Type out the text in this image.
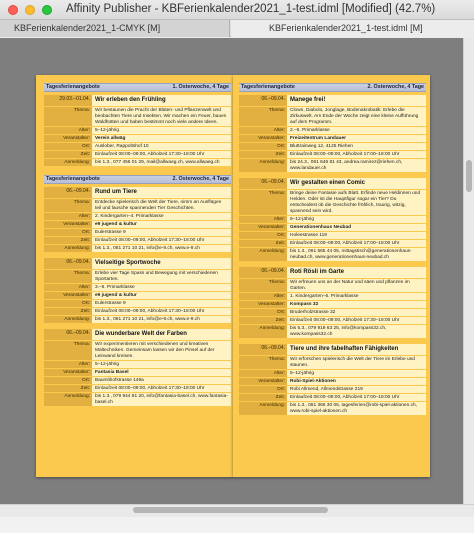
Affinity Publisher - KBFerienkalender2021_1-test.idml [Modified] (42.7%)
KBFerienkalender2021_1-CMYK [M]	KBFerienkalender2021_1-test.idml [M]
Tagesferienangebote	1. Osterwoche, 4 Tage
29.03.–01.04. Wir erleben den Frühling
Thema:	Wir bestaunen die Pracht der Blüten- und Pflanzenwelt und beobachten Tiere und Insekten. Wir machen ein Feuer, bauen Waldhütten und haben bestimmt noch viele andere Ideen.
Alter:	5–12-jährig
Veranstalter:	Verein allwäg
Ort:	Auslober, Rappoltshof 10
Zeit:	Einlaufzeit 08:00–09:00, Abholzeit 17:30–18:00 Uhr
Anmeldung:	bis 1.3., 077 455 01 29, mail@allwaeg.ch, www.allwaeg.ch
Tagesferienangebote	2. Osterwoche, 4 Tage
06.–09.04. Rund um Tiere
Thema:	Entdecke spielerisch die Welt der Tiere, nimm an Ausflügen teil und lausche spannenden Tier Geschichten.
Alter:	2. Kindergarten–4. Primarklasse
Veranstalter:	e9 jugend & kultur
Ort:	Eulerstrasse 9
Zeit:	Einlaufzeit 08:00–09:00, Abholzeit 17:30–18:00 Uhr
Anmeldung:	bis 1.3., 061 271 10 21, info@e-9.ch, www.e-9.ch
06.–09.04. Vielseitige Sportwoche
Thema:	Erlebe vier Tage Spass und Bewegung mit verschiedenen Sportarten.
Alter:	3.–6. Primarklasse
Veranstalter:	e9 jugend & kultur
Ort:	Eulerstrasse 9
Zeit:	Einlaufzeit 08:00–09:00, Abholzeit 17:30–18:00 Uhr
Anmeldung:	bis 1.3., 061 271 10 21, info@e-9.ch, www.e-9.ch
06.–09.04. Die wunderbare Welt der Farben
Thema:	Wir experimentieren mit verschiedenen und kreativen Maltechniken. Gemeinsam lassen wir den Pinsel auf der Leinwand kreisen.
Alter:	5–12-jährig
Veranstalter:	Fantasia Basel
Ort:	Baumlihofstrasse 149a
Zeit:	Einlaufzeit 08:00–09:00, Abholzeit 17:30–18:00 Uhr
Anmeldung:	bis 1.3., 079 944 81 20, info@fantasia-basel.ch, www.fantasia-basel.ch
Tagesferienangebote	2. Osterwoche, 4 Tage
06.–09.04. Manege frei!
Thema:	Clown, Diabolo, Jonglage, Bodenakrobatik: Erlebe die Zirkuswelt. Am Ende der Woche zeigt eine kleine Aufführung auf dem Programm.
Alter:	2.–6. Primarklasse
Veranstalter:	Freizeitentrum Landauer
Ort:	Bluttrainweg 12, 4125 Riehen
Zeit:	Einlaufzeit 08:00–09:00, Abholzeit 17:00–18:00 Uhr
Anmeldung:	bis 24.3., 061 646 81 43, andrea.ramirez@riehen.ch, www.landauer.ch
06.–09.04. Wir gestalten einen Comic
Thema:	Bringe deine Fantasie aufs Blatt. Erfinde neue Heldinnen und Helden. Oder ist die Hauptfigur sogar ein Tier? Du entscheidest ob die Geschichte fröhlich, traurig, witzig, spannend sein wird.
Alter:	6–12-jährig
Veranstalter:	Generationenhaus Neubad
Ort:	Holeestrasse 119
Zeit:	Einlaufzeit 08:00–09:00, Abholzeit 17:00–18:00 Uhr
Anmeldung:	bis 1.3., 061 565 44 05, mittagstisch@generationenhaus-neubad.ch, www.generationenhaus-neubad.ch
06.–09.04. Roti Rösli im Garte
Thema:	Wir erfreuen uns an der Natur und säen und pflanzen im Garten.
Alter:	1. Kindergarten–6. Primarklasse
Veranstalter:	Kompass 32
Ort:	Bruderholzstrasse 32
Zeit:	Einlaufzeit 08:00–09:00, Abholzeit 17:30–18:00 Uhr
Anmeldung:	bis 5.3., 079 919 63 25, info@kompass32.ch, www.kompass32.ch
06.–09.04. Tiere und ihre fabelhaften Fähigkeiten
Thema:	Wir erforschen spielerisch die Welt der Tiere im Erlebe und staunen.
Alter:	5–12-jährig
Veranstalter:	Robi-Spiel-Aktionen
Ort:	Robi Allmend, Allmendstrasse 219
Zeit:	Einlaufzeit 08:00–09:00, Abholzeit 17:00–18:00 Uhr
Anmeldung:	bis 1.3., 061 366 30 05, tagesferien@robi-spiel-aktionen.ch, www.robi-spiel-aktionen.ch
